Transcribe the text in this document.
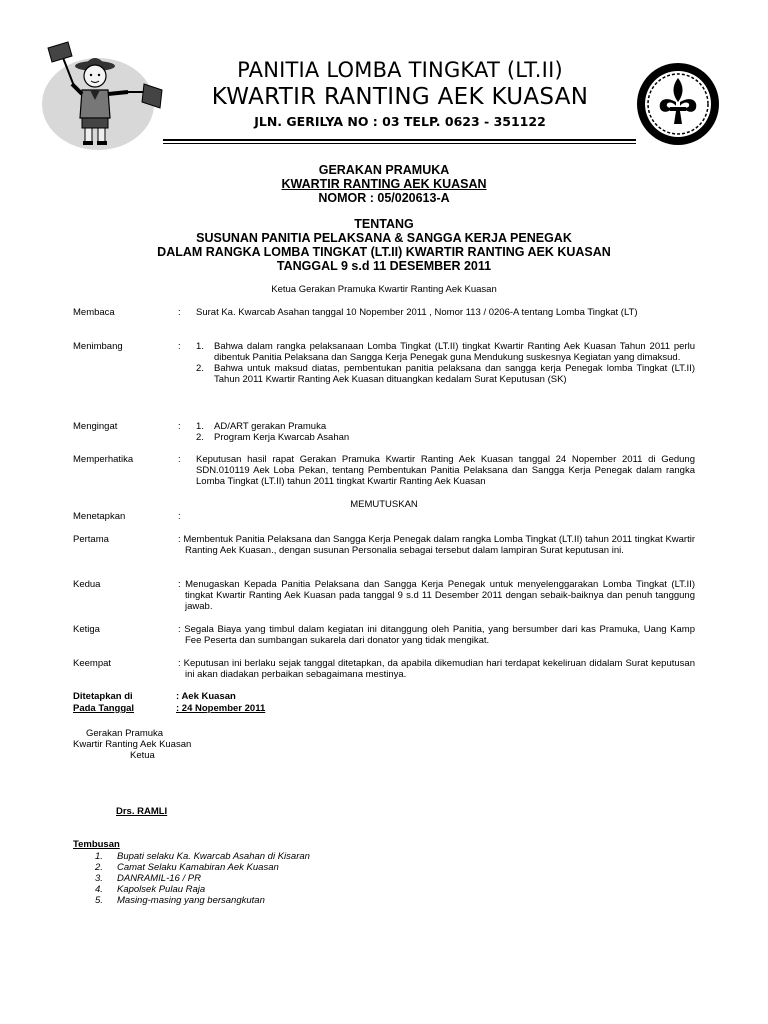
PANITIA LOMBA TINGKAT (LT.II)
KWARTIR RANTING AEK KUASAN
JLN. GERILYA NO : 03 TELP. 0623 - 351122
GERAKAN PRAMUKA
KWARTIR RANTING AEK KUASAN
NOMOR : 05/020613-A
TENTANG
SUSUNAN PANITIA PELAKSANA & SANGGA KERJA PENEGAK
DALAM RANGKA LOMBA TINGKAT (LT.II) KWARTIR RANTING AEK KUASAN
TANGGAL 9 s.d 11 DESEMBER 2011
Ketua Gerakan Pramuka Kwartir Ranting Aek Kuasan
Membaca	: Surat Ka. Kwarcab Asahan tanggal 10 Nopember 2011 , Nomor 113 / 0206-A tentang Lomba Tingkat (LT)
Menimbang	: 1.	Bahwa dalam rangka pelaksanaan Lomba Tingkat (LT.II) tingkat Kwartir Ranting Aek Kuasan Tahun 2011 perlu dibentuk Panitia Pelaksana dan Sangga Kerja Penegak guna Mendukung suskesnya Kegiatan yang dimaksud.
2.	Bahwa untuk maksud diatas, pembentukan panitia pelaksana dan sangga kerja Penegak lomba Tingkat (LT.II) Tahun 2011 Kwartir Ranting Aek Kuasan dituangkan kedalam Surat Keputusan (SK)
Mengingat	: 1.	AD/ART gerakan Pramuka
2.	Program Kerja Kwarcab Asahan
Memperhatika	: Keputusan hasil rapat Gerakan Pramuka Kwartir Ranting Aek Kuasan tanggal 24 Nopember 2011 di Gedung SDN.010119 Aek Loba Pekan, tentang Pembentukan Panitia Pelaksana dan Sangga Kerja Penegak dalam rangka Lomba Tingkat (LT.II) tahun 2011 tingkat Kwartir Ranting Aek Kuasan
MEMUTUSKAN
Menetapkan	:
Pertama	: Membentuk Panitia Pelaksana dan Sangga Kerja Penegak dalam rangka Lomba Tingkat (LT.II) tahun 2011 tingkat Kwartir Ranting Aek Kuasan., dengan susunan Personalia sebagai tersebut dalam lampiran Surat keputusan ini.
Kedua	: Menugaskan Kepada Panitia Pelaksana dan Sangga Kerja Penegak untuk menyelenggarakan Lomba Tingkat (LT.II) tingkat Kwartir Ranting Aek Kuasan pada tanggal 9 s.d 11 Desember 2011 dengan sebaik-baiknya dan penuh tanggung jawab.
Ketiga	: Segala Biaya yang timbul dalam kegiatan ini ditanggung oleh Panitia, yang bersumber dari kas Pramuka, Uang Kamp Fee Peserta dan sumbangan sukarela dari donator yang tidak mengikat.
Keempat	: Keputusan ini berlaku sejak tanggal ditetapkan, da apabila dikemudian hari terdapat kekeliruan didalam Surat keputusan ini akan diadakan perbaikan sebagaimana mestinya.
Ditetapkan di	: Aek Kuasan
Pada Tanggal	: 24 Nopember 2011
Gerakan Pramuka
Kwartir Ranting Aek Kuasan
Ketua
Drs. RAMLI
Tembusan
1.	Bupati selaku Ka. Kwarcab Asahan di Kisaran
2.	Camat Selaku Kamabiran Aek Kuasan
3.	DANRAMIL-16 / PR
4.	Kapolsek Pulau Raja
5.	Masing-masing yang bersangkutan
